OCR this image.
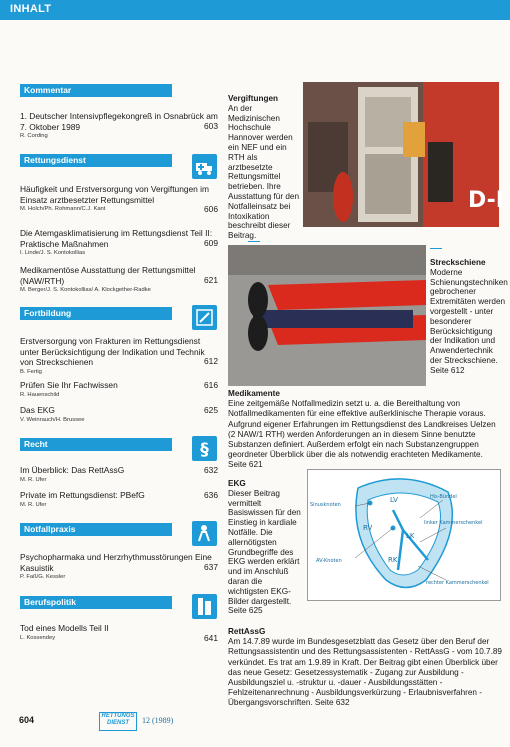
INHALT
Kommentar
1. Deutscher Intensivpflegekongreß in Osnabrück am 7. Oktober 1989
R. Cording
603
Rettungsdienst
Häufigkeit und Erstversorgung von Vergiftungen im Einsatz arztbesetzter Rettungsmittel
M. Holch/Ph. Rohmann/C.J. Kant	606
Die Atemgasklimatisierung im Rettungsdienst Teil II: Praktische Maßnahmen
I. Linde/J. S. Kontokollias
609
Medikamentöse Ausstattung der Rettungsmittel (NAW/RTH)
M. Berger/J. S. Kontokollias/ A. Klockgether-Radke
621
Fortbildung
Erstversorgung von Frakturen im Rettungsdienst unter Berücksichtigung der Indikation und Technik von Streckschienen
B. Fertig
612
Prüfen Sie Ihr Fachwissen
R. Hauenschild
616
Das EKG
V. Weinrauch/H. Brussee
625
Recht	§
Im Überblick: Das RettAssG
M. R. Ufer
632
Private im Rettungsdienst: PBefG
M. R. Ufer
636
Notfallpraxis
Psychopharmaka und Herzrhythmusstörungen Eine Kasuistik
P. Faß/G. Kessler
637
Berufspolitik
Tod eines Modells Teil II
L. Kossendey	641
D-I
Vergiftungen
An der Medizinischen Hochschule Hannover werden ein NEF und ein RTH als arztbesetzte Rettungsmittel betrieben. Ihre Ausstattung für den Notfalleinsatz bei Intoxikation beschreibt dieser Beitrag.
Streckschiene
Moderne Schienungstechniken gebrochener Extremitäten werden vorgestellt - unter besonderer Berücksichtigung der Indikation und Anwendertechnik der Streckschiene. Seite 612
Medikamente
Eine zeitgemäße Notfallmedizin setzt u. a. die Bereithaltung von Notfallmedikamenten für eine effektive außerklinische Therapie voraus. Aufgrund eigener Erfahrungen im Rettungsdienst des Landkreises Uelzen (2 NAW/1 RTH) werden Anforderungen an in diesem Sinne benutzte Substanzen definiert. Außerdem erfolgt ein nach Substanzengruppen geordneter Überblick über die als notwendig erachteten Medikamente. Seite 621
EKG
Dieser Beitrag vermittelt Basiswissen für den Einstieg in kardiale Notfälle. Die allernötigsten Grundbegriffe des EKG werden erklärt und im Anschluß daran die wichtigsten EKG-Bilder dargestellt. Seite 625
LV
RV
LK
RK
His-Bündel
Sinusknoten
linker Kammerschenkel
AV-Knoten
rechter Kammerschenkel
RettAssG
Am 14.7.89 wurde im Bundesgesetzblatt das Gesetz über den Beruf der Rettungsassistentin und des Rettungsassistenten - RettAssG - vom 10.7.89 verkündet. Es trat am 1.9.89 in Kraft. Der Beitrag gibt einen Überblick über das neue Gesetz: Gesetzessystematik - Zugang zur Ausbildung - Ausbildungsziel u. -struktur u. -dauer - Ausbildungsstätten - Fehlzeitenanrechnung - Ausbildungsverkürzung - Erlaubnisverfahren - Übergangsvorschriften. Seite 632
604	RETTUNGS DIENST	12 (1989)
